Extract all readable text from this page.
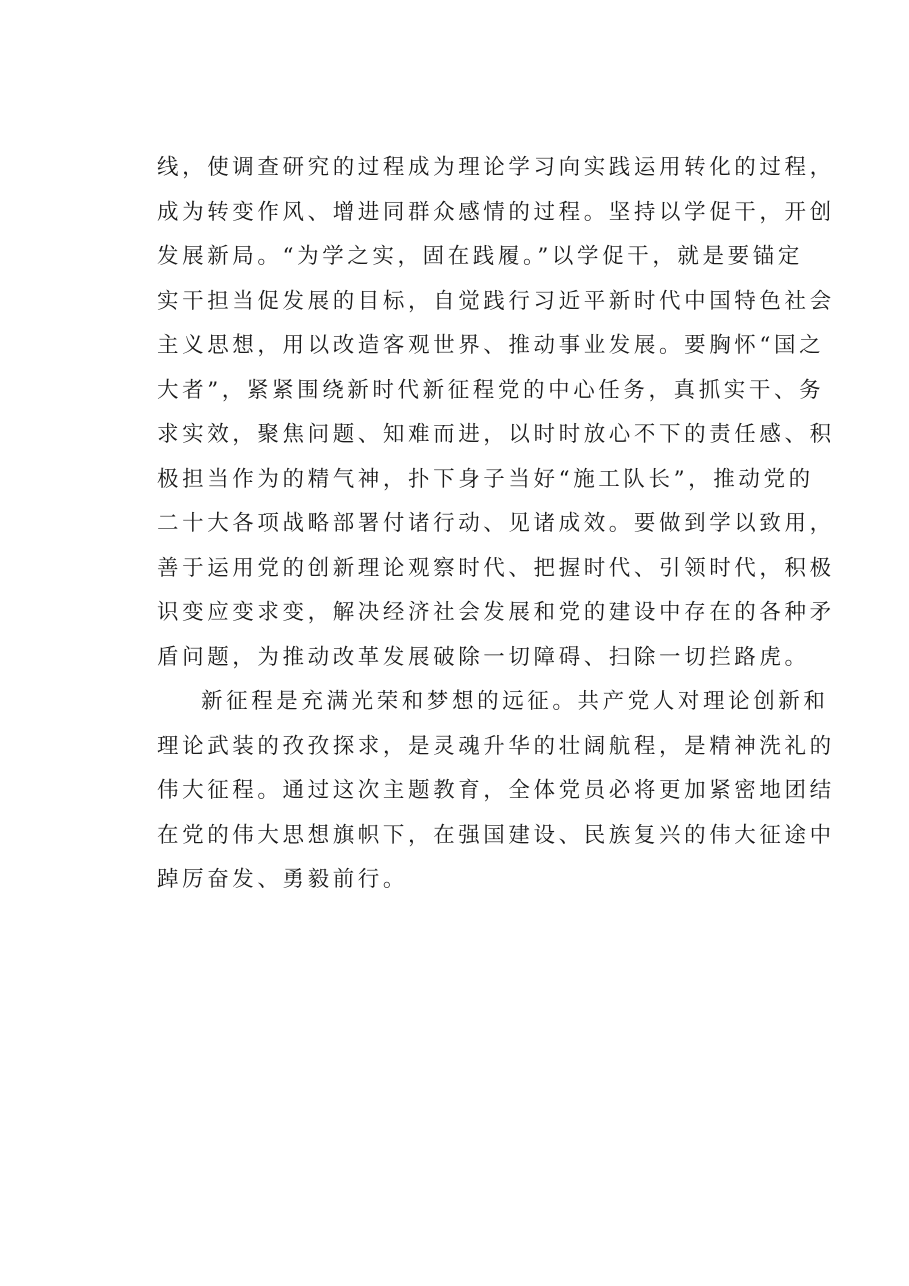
线，使调查研究的过程成为理论学习向实践运用转化的过程，
成为转变作风、增进同群众感情的过程。坚持以学促干，开创
发展新局。“为学之实，固在践履。”以学促干，就是要锚定
实干担当促发展的目标，自觉践行习近平新时代中国特色社会
主义思想，用以改造客观世界、推动事业发展。要胸怀“国之
大者”，紧紧围绕新时代新征程党的中心任务，真抓实干、务
求实效，聚焦问题、知难而进，以时时放心不下的责任感、积
极担当作为的精气神，扑下身子当好“施工队长”，推动党的
二十大各项战略部署付诸行动、见诸成效。要做到学以致用，
善于运用党的创新理论观察时代、把握时代、引领时代，积极
识变应变求变，解决经济社会发展和党的建设中存在的各种矛
盾问题，为推动改革发展破除一切障碍、扫除一切拦路虎。
新征程是充满光荣和梦想的远征。共产党人对理论创新和
理论武装的孜孜探求，是灵魂升华的壮阔航程，是精神洗礼的
伟大征程。通过这次主题教育，全体党员必将更加紧密地团结
在党的伟大思想旗帜下，在强国建设、民族复兴的伟大征途中
踔厉奋发、勇毅前行。
